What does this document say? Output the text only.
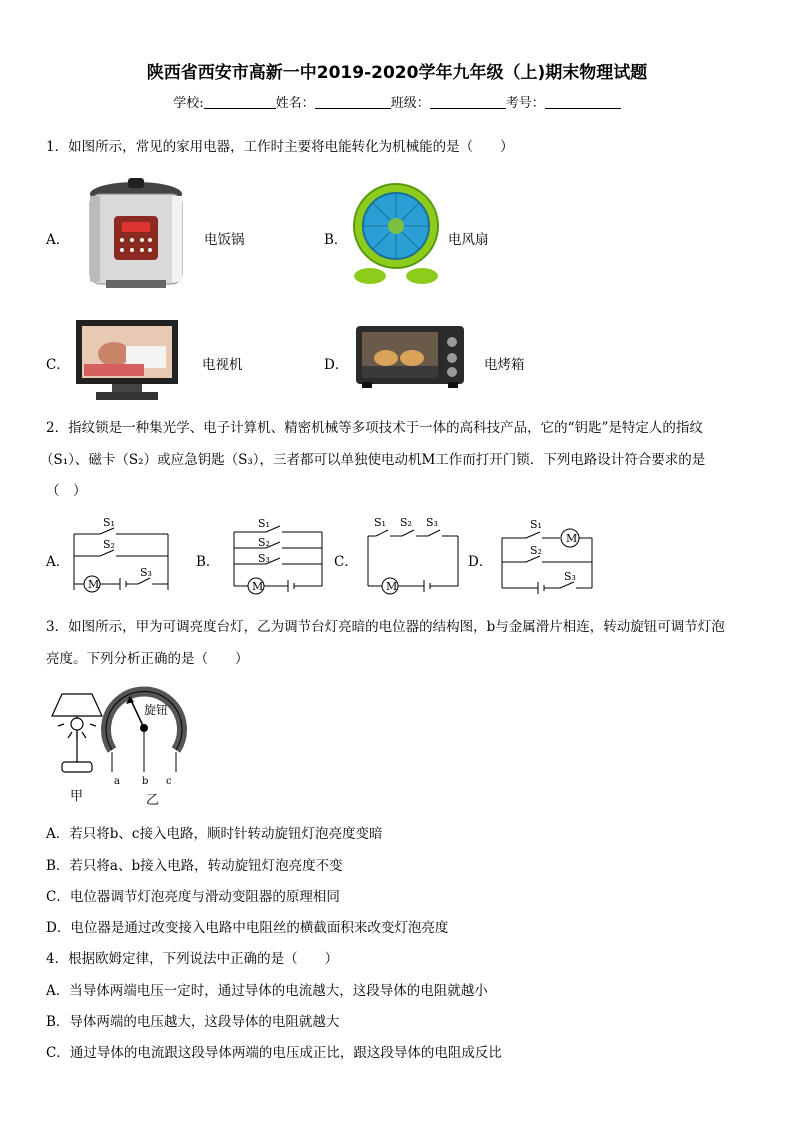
陕西省西安市高新一中2019-2020学年九年级（上)期末物理试题
学校:	姓名：	班级：	考号：
1．如图所示，常见的家用电器，工作时主要将电能转化为机械能的是（　　）
A．	电饭锅	B．	电风扇
C．	电视机	D．	电烤箱
2．指纹锁是一种集光学、电子计算机、精密机械等多项技术于一体的高科技产品，它的“钥匙”是特定人的指纹
（S₁）、磁卡（S₂）或应急钥匙（S₃），三者都可以单独使电动机M工作而打开门锁．下列电路设计符合要求的是
（　）
A．
S₁
S₂
S₃
M
B．
S₁
S₂
S₃
M
C．
S₁ S₂ S₃
M
D．
S₁
S₂
S₃
M
3．如图所示，甲为可调亮度台灯，乙为调节台灯亮暗的电位器的结构图，b与金属滑片相连，转动旋钮可调节灯泡
亮度。下列分析正确的是（　　）
旋钮
a b c
甲	乙
A．若只将b、c接入电路，顺时针转动旋钮灯泡亮度变暗
B．若只将a、b接入电路，转动旋钮灯泡亮度不变
C．电位器调节灯泡亮度与滑动变阻器的原理相同
D．电位器是通过改变接入电路中电阻丝的横截面积来改变灯泡亮度
4．根据欧姆定律，下列说法中正确的是（　　）
A．当导体两端电压一定时，通过导体的电流越大，这段导体的电阻就越小
B．导体两端的电压越大，这段导体的电阻就越大
C．通过导体的电流跟这段导体两端的电压成正比，跟这段导体的电阻成反比
